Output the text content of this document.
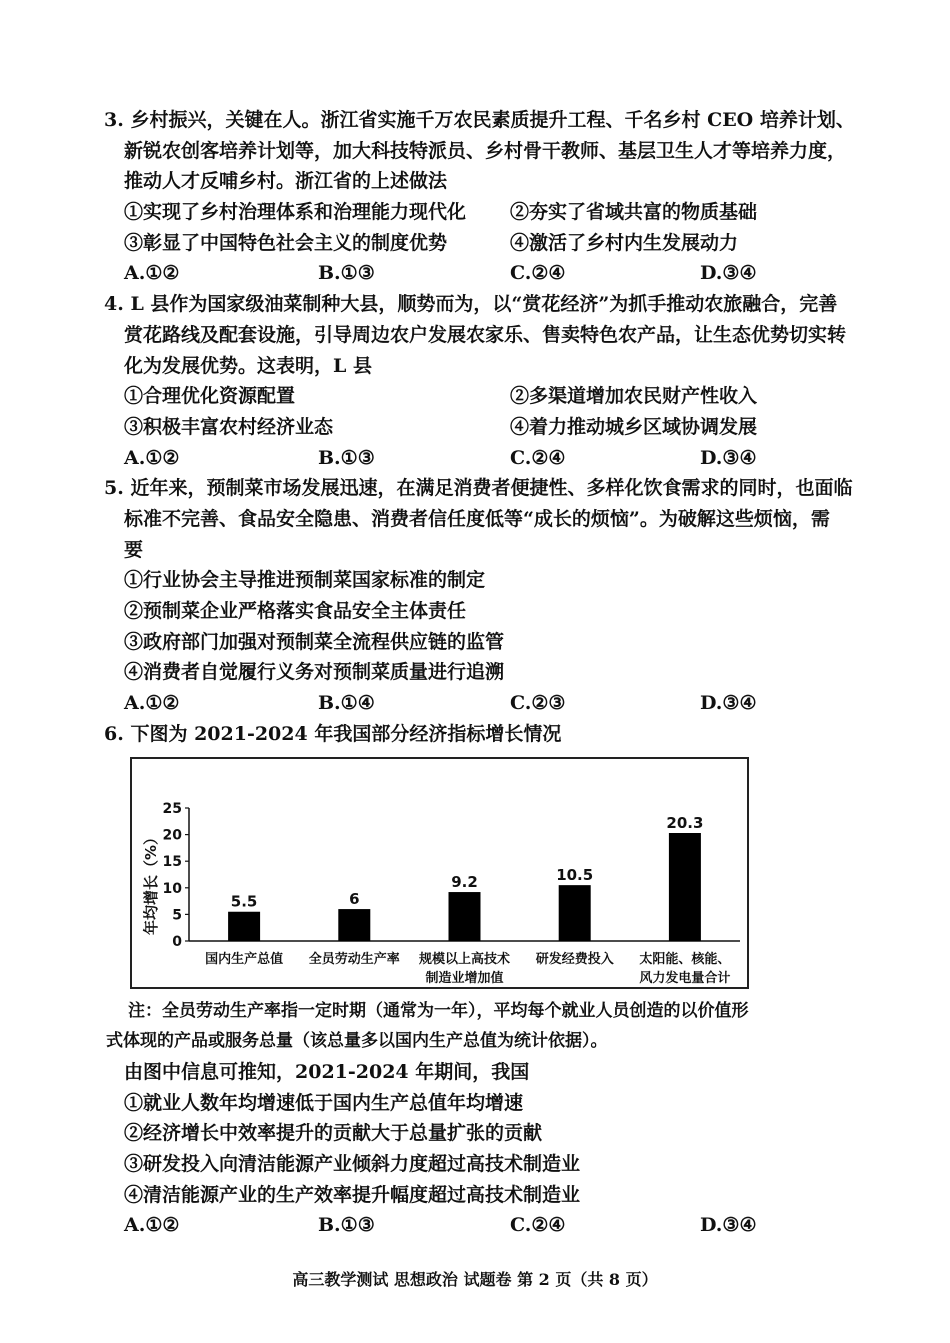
3. 乡村振兴，关键在人。浙江省实施千万农民素质提升工程、千名乡村 CEO 培养计划、
新锐农创客培养计划等，加大科技特派员、乡村骨干教师、基层卫生人才等培养力度，
推动人才反哺乡村。浙江省的上述做法
①实现了乡村治理体系和治理能力现代化 ②夯实了省域共富的物质基础
③彰显了中国特色社会主义的制度优势	④激活了乡村内生发展动力
A.①②	B.①③	C.②④	D.③④
4. L 县作为国家级油菜制种大县，顺势而为，以“赏花经济”为抓手推动农旅融合，完善
赏花路线及配套设施，引导周边农户发展农家乐、售卖特色农产品，让生态优势切实转
化为发展优势。这表明，L 县
①合理优化资源配置	②多渠道增加农民财产性收入
③积极丰富农村经济业态	④着力推动城乡区域协调发展
A.①②	B.①③	C.②④	D.③④
5. 近年来，预制菜市场发展迅速，在满足消费者便捷性、多样化饮食需求的同时，也面临
标准不完善、食品安全隐患、消费者信任度低等“成长的烦恼”。为破解这些烦恼，需
要
①行业协会主导推进预制菜国家标准的制定
②预制菜企业严格落实食品安全主体责任
③政府部门加强对预制菜全流程供应链的监管
④消费者自觉履行义务对预制菜质量进行追溯
A.①②	B.①④	C.②③	D.③④
6. 下图为 2021-2024 年我国部分经济指标增长情况
0
5
10
15
20
25
年均增长（%）	5.5
国内生产总值
6
全员劳动生产率
9.2
规模以上高技术
制造业增加值
10.5
研发经费投入
20.3
太阳能、核能、
风力发电量合计
注：全员劳动生产率指一定时期（通常为一年），平均每个就业人员创造的以价值形
式体现的产品或服务总量（该总量多以国内生产总值为统计依据）。
由图中信息可推知，2021-2024 年期间，我国
①就业人数年均增速低于国内生产总值年均增速
②经济增长中效率提升的贡献大于总量扩张的贡献
③研发投入向清洁能源产业倾斜力度超过高技术制造业
④清洁能源产业的生产效率提升幅度超过高技术制造业
A.①②	B.①③	C.②④	D.③④
高三教学测试 思想政治 试题卷 第 2 页（共 8 页）
